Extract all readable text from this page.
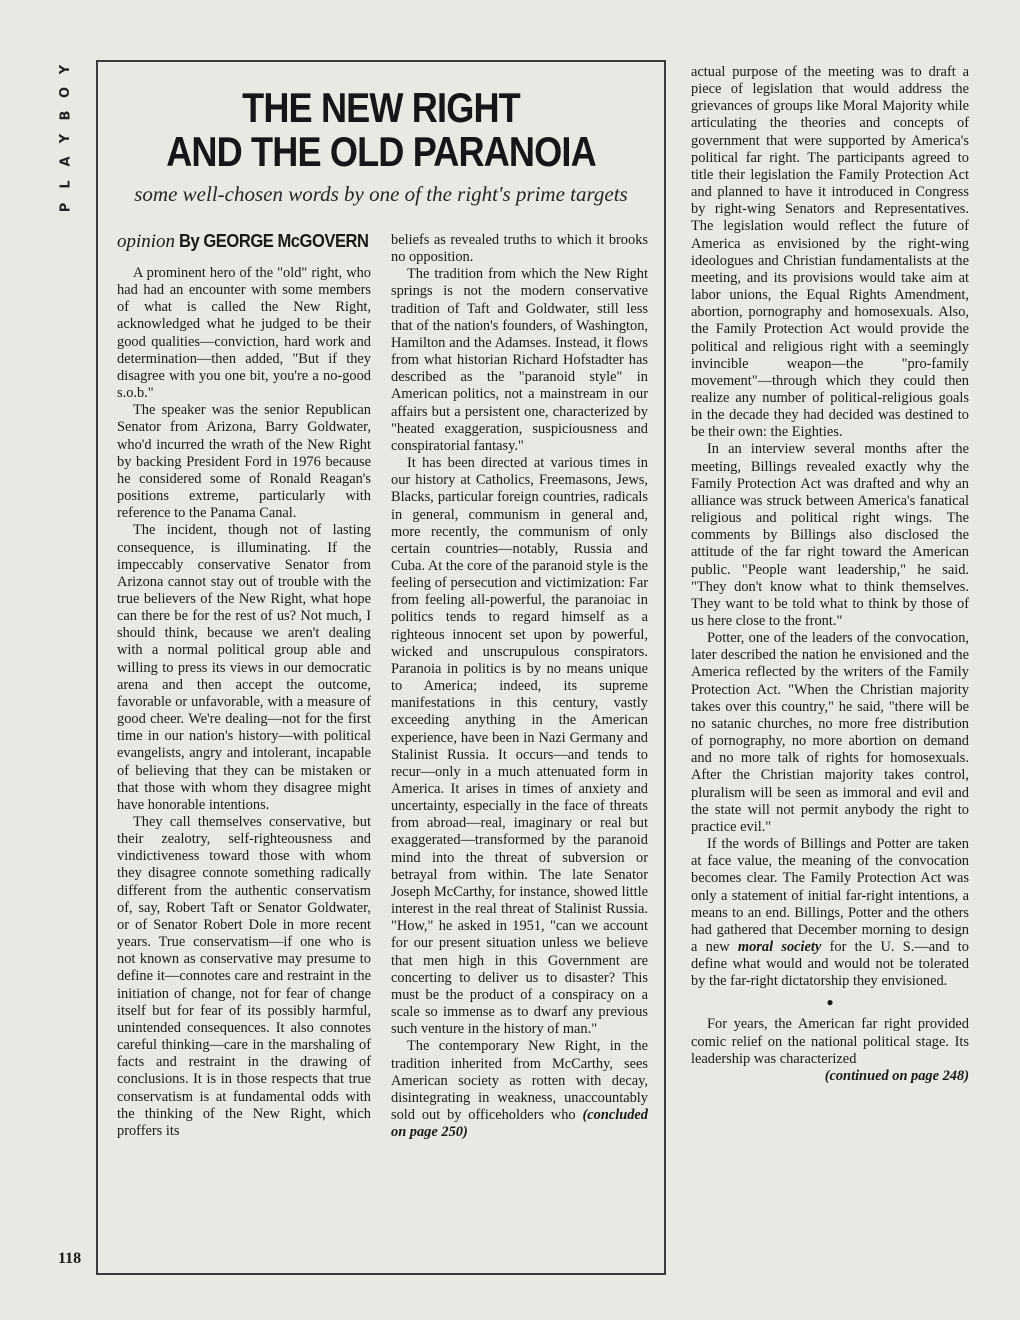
Y
O
B
Y
A
L
P
THE NEW RIGHT
AND THE OLD PARANOIA
some well-chosen words by one of the right's prime targets
opinion By GEORGE McGOVERN

A prominent hero of the "old" right, who had had an encounter with some members of what is called the New Right, acknowledged what he judged to be their good qualities—conviction, hard work and determination—then added, "But if they disagree with you one bit, you're a no-good s.o.b."

The speaker was the senior Republican Senator from Arizona, Barry Goldwater, who'd incurred the wrath of the New Right by backing President Ford in 1976 because he considered some of Ronald Reagan's positions extreme, particularly with reference to the Panama Canal.

The incident, though not of lasting consequence, is illuminating. If the impeccably conservative Senator from Arizona cannot stay out of trouble with the true believers of the New Right, what hope can there be for the rest of us? Not much, I should think, because we aren't dealing with a normal political group able and willing to press its views in our democratic arena and then accept the outcome, favorable or unfavorable, with a measure of good cheer. We're dealing—not for the first time in our nation's history—with political evangelists, angry and intolerant, incapable of believing that they can be mistaken or that those with whom they disagree might have honorable intentions.

They call themselves conservative, but their zealotry, self-righteousness and vindictiveness toward those with whom they disagree connote something radically different from the authentic conservatism of, say, Robert Taft or Senator Goldwater, or of Senator Robert Dole in more recent years. True conservatism—if one who is not known as conservative may presume to define it—connotes care and restraint in the initiation of change, not for fear of change itself but for fear of its possibly harmful, unintended consequences. It also connotes careful thinking—care in the marshaling of facts and restraint in the drawing of conclusions. It is in those respects that true conservatism is at fundamental odds with the thinking of the New Right, which proffers its

beliefs as revealed truths to which it brooks no opposition.

The tradition from which the New Right springs is not the modern conservative tradition of Taft and Goldwater, still less that of the nation's founders, of Washington, Hamilton and the Adamses. Instead, it flows from what historian Richard Hofstadter has described as the "paranoid style" in American politics, not a mainstream in our affairs but a persistent one, characterized by "heated exaggeration, suspiciousness and conspiratorial fantasy."

It has been directed at various times in our history at Catholics, Freemasons, Jews, Blacks, particular foreign countries, radicals in general, communism in general and, more recently, the communism of only certain countries—notably, Russia and Cuba. At the core of the paranoid style is the feeling of persecution and victimization: Far from feeling all-powerful, the paranoiac in politics tends to regard himself as a righteous innocent set upon by powerful, wicked and unscrupulous conspirators. Paranoia in politics is by no means unique to America; indeed, its supreme manifestations in this century, vastly exceeding anything in the American experience, have been in Nazi Germany and Stalinist Russia. It occurs—and tends to recur—only in a much attenuated form in America. It arises in times of anxiety and uncertainty, especially in the face of threats from abroad—real, imaginary or real but exaggerated—transformed by the paranoid mind into the threat of subversion or betrayal from within. The late Senator Joseph McCarthy, for instance, showed little interest in the real threat of Stalinist Russia. "How," he asked in 1951, "can we account for our present situation unless we believe that men high in this Government are concerting to deliver us to disaster? This must be the product of a conspiracy on a scale so immense as to dwarf any previous such venture in the history of man."

The contemporary New Right, in the tradition inherited from McCarthy, sees American society as rotten with decay, disintegrating in weakness, unaccountably sold out by officeholders who (concluded on page 250)

actual purpose of the meeting was to draft a piece of legislation that would address the grievances of groups like Moral Majority while articulating the theories and concepts of government that were supported by America's political far right. The participants agreed to title their legislation the Family Protection Act and planned to have it introduced in Congress by right-wing Senators and Representatives. The legislation would reflect the future of America as envisioned by the right-wing ideologues and Christian fundamentalists at the meeting, and its provisions would take aim at labor unions, the Equal Rights Amendment, abortion, pornography and homosexuals. Also, the Family Protection Act would provide the political and religious right with a seemingly invincible weapon—the "pro-family movement"—through which they could then realize any number of political-religious goals in the decade they had decided was destined to be their own: the Eighties.

In an interview several months after the meeting, Billings revealed exactly why the Family Protection Act was drafted and why an alliance was struck between America's fanatical religious and political right wings. The comments by Billings also disclosed the attitude of the far right toward the American public. "People want leadership," he said. "They don't know what to think themselves. They want to be told what to think by those of us here close to the front."

Potter, one of the leaders of the convocation, later described the nation he envisioned and the America reflected by the writers of the Family Protection Act. "When the Christian majority takes over this country," he said, "there will be no satanic churches, no more free distribution of pornography, no more abortion on demand and no more talk of rights for homosexuals. After the Christian majority takes control, pluralism will be seen as immoral and evil and the state will not permit anybody the right to practice evil."

If the words of Billings and Potter are taken at face value, the meaning of the convocation becomes clear. The Family Protection Act was only a statement of initial far-right intentions, a means to an end. Billings, Potter and the others had gathered that December morning to design a new moral society for the U. S.—and to define what would and would not be tolerated by the far-right dictatorship they envisioned.

●

For years, the American far right provided comic relief on the national political stage. Its leadership was characterized

(continued on page 248)
118
